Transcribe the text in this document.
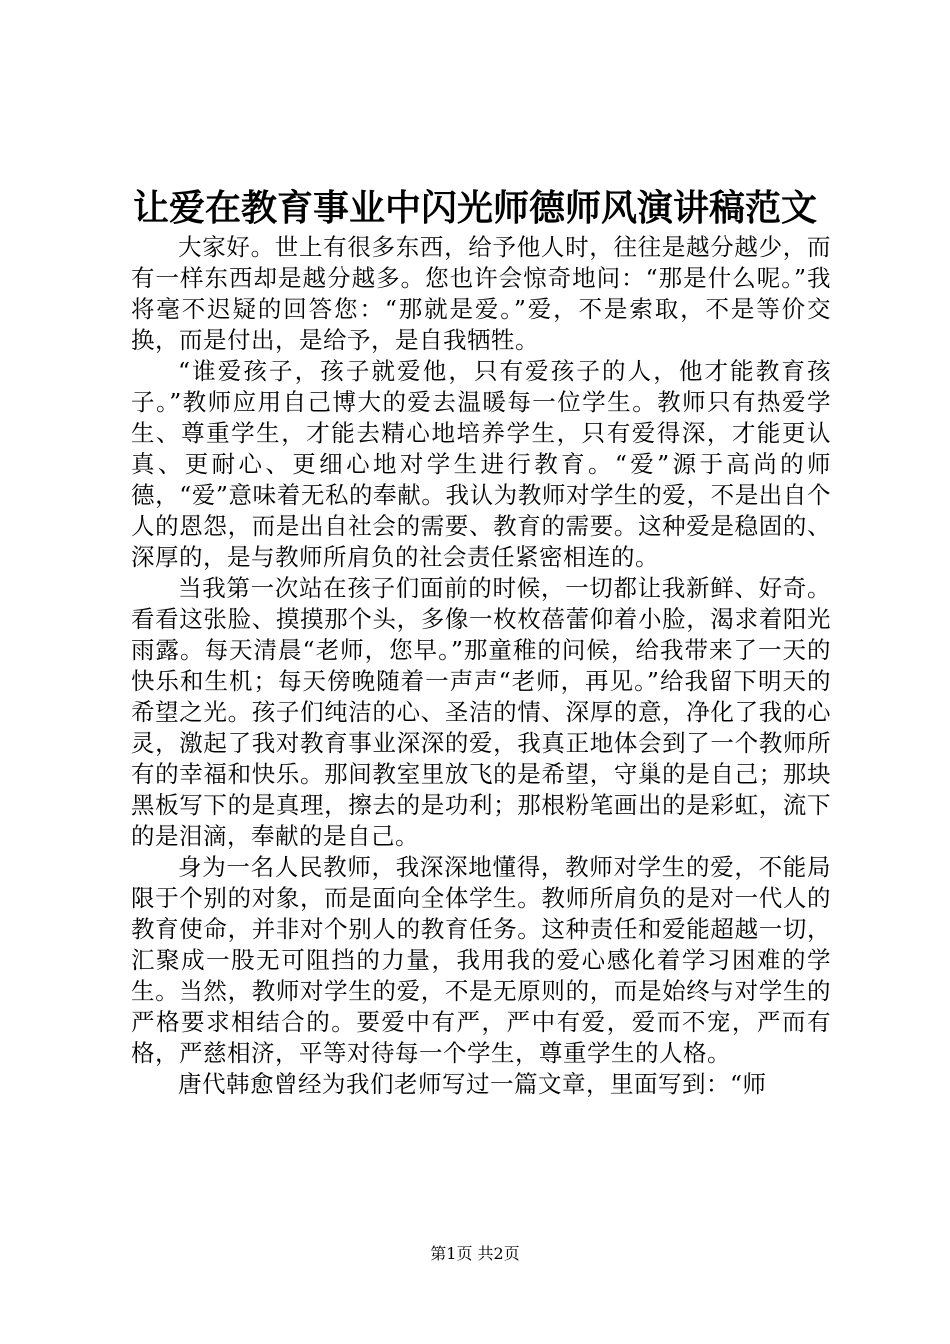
让爱在教育事业中闪光师德师风演讲稿范文

大家好。世上有很多东西，给予他人时，往往是越分越少，而有一样东西却是越分越多。您也许会惊奇地问：“那是什么呢。”我将毫不迟疑的回答您：“那就是爱。”爱，不是索取，不是等价交换，而是付出，是给予，是自我牺牲。

“谁爱孩子，孩子就爱他，只有爱孩子的人，他才能教育孩子。”教师应用自己博大的爱去温暖每一位学生。教师只有热爱学生、尊重学生，才能去精心地培养学生，只有爱得深，才能更认真、更耐心、更细心地对学生进行教育。“爱”源于高尚的师德，“爱”意味着无私的奉献。我认为教师对学生的爱，不是出自个人的恩怨，而是出自社会的需要、教育的需要。这种爱是稳固的、深厚的，是与教师所肩负的社会责任紧密相连的。

当我第一次站在孩子们面前的时候，一切都让我新鲜、好奇。看看这张脸、摸摸那个头，多像一枚枚蓓蕾仰着小脸，渴求着阳光雨露。每天清晨“老师，您早。”那童稚的问候，给我带来了一天的快乐和生机；每天傍晚随着一声声“老师，再见。”给我留下明天的希望之光。孩子们纯洁的心、圣洁的情、深厚的意，净化了我的心灵，激起了我对教育事业深深的爱，我真正地体会到了一个教师所有的幸福和快乐。那间教室里放飞的是希望，守巢的是自己；那块黑板写下的是真理，擦去的是功利；那根粉笔画出的是彩虹，流下的是泪滴，奉献的是自己。

身为一名人民教师，我深深地懂得，教师对学生的爱，不能局限于个别的对象，而是面向全体学生。教师所肩负的是对一代人的教育使命，并非对个别人的教育任务。这种责任和爱能超越一切，汇聚成一股无可阻挡的力量，我用我的爱心感化着学习困难的学生。当然，教师对学生的爱，不是无原则的，而是始终与对学生的严格要求相结合的。要爱中有严，严中有爱，爱而不宠，严而有格，严慈相济，平等对待每一个学生，尊重学生的人格。

唐代韩愈曾经为我们老师写过一篇文章，里面写到：“师

第1页 共2页
